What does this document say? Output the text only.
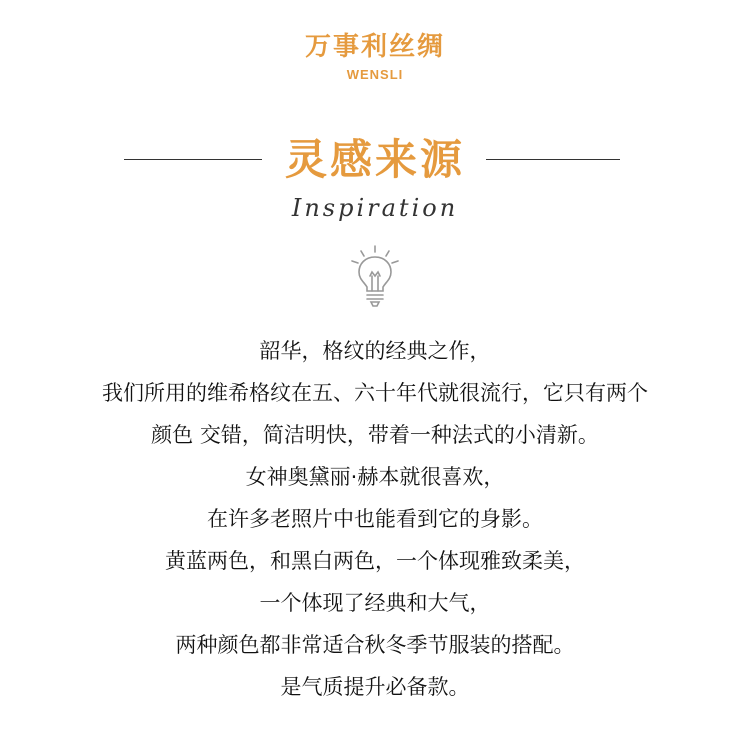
万事利丝绸
WENSLI
灵感来源
Inspiration
韶华，格纹的经典之作，
我们所用的维希格纹在五、六十年代就很流行，它只有两个
颜色 交错，简洁明快，带着一种法式的小清新。
女神奥黛丽·赫本就很喜欢，
在许多老照片中也能看到它的身影。
黄蓝两色，和黑白两色，一个体现雅致柔美，
一个体现了经典和大气，
两种颜色都非常适合秋冬季节服装的搭配。
是气质提升必备款。
